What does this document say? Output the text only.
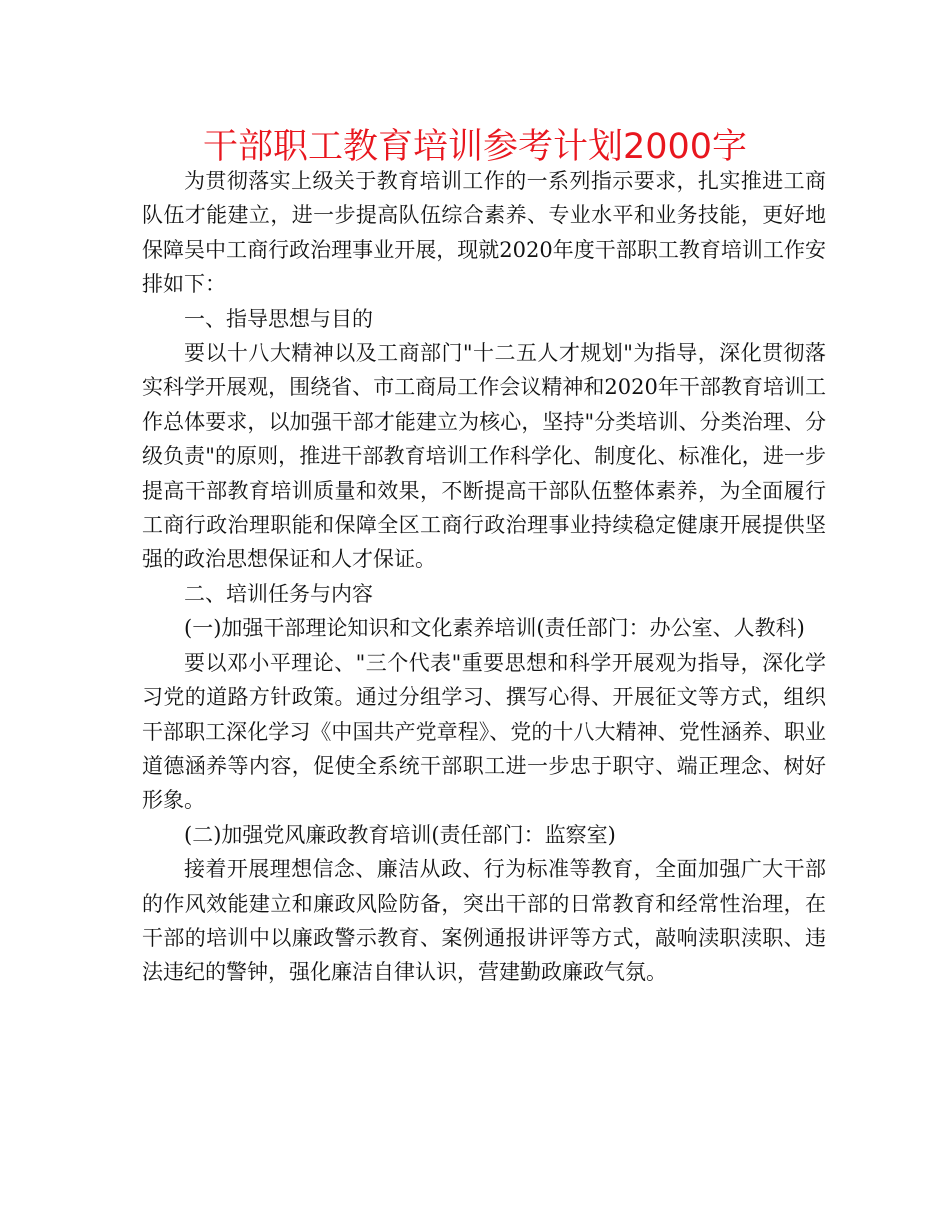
干部职工教育培训参考计划2000字

为贯彻落实上级关于教育培训工作的一系列指示要求，扎实推进工商队伍才能建立，进一步提高队伍综合素养、专业水平和业务技能，更好地保障吴中工商行政治理事业开展，现就2020年度干部职工教育培训工作安排如下：

一、指导思想与目的

要以十八大精神以及工商部门"十二五人才规划"为指导，深化贯彻落实科学开展观，围绕省、市工商局工作会议精神和2020年干部教育培训工作总体要求，以加强干部才能建立为核心，坚持"分类培训、分类治理、分级负责"的原则，推进干部教育培训工作科学化、制度化、标准化，进一步提高干部教育培训质量和效果，不断提高干部队伍整体素养，为全面履行工商行政治理职能和保障全区工商行政治理事业持续稳定健康开展提供坚强的政治思想保证和人才保证。

二、培训任务与内容

(一)加强干部理论知识和文化素养培训(责任部门：办公室、人教科)

要以邓小平理论、"三个代表"重要思想和科学开展观为指导，深化学习党的道路方针政策。通过分组学习、撰写心得、开展征文等方式，组织干部职工深化学习《中国共产党章程》、党的十八大精神、党性涵养、职业道德涵养等内容，促使全系统干部职工进一步忠于职守、端正理念、树好形象。

(二)加强党风廉政教育培训(责任部门：监察室)

接着开展理想信念、廉洁从政、行为标准等教育，全面加强广大干部的作风效能建立和廉政风险防备，突出干部的日常教育和经常性治理，在干部的培训中以廉政警示教育、案例通报讲评等方式，敲响渎职渎职、违法违纪的警钟，强化廉洁自律认识，营建勤政廉政气氛。
